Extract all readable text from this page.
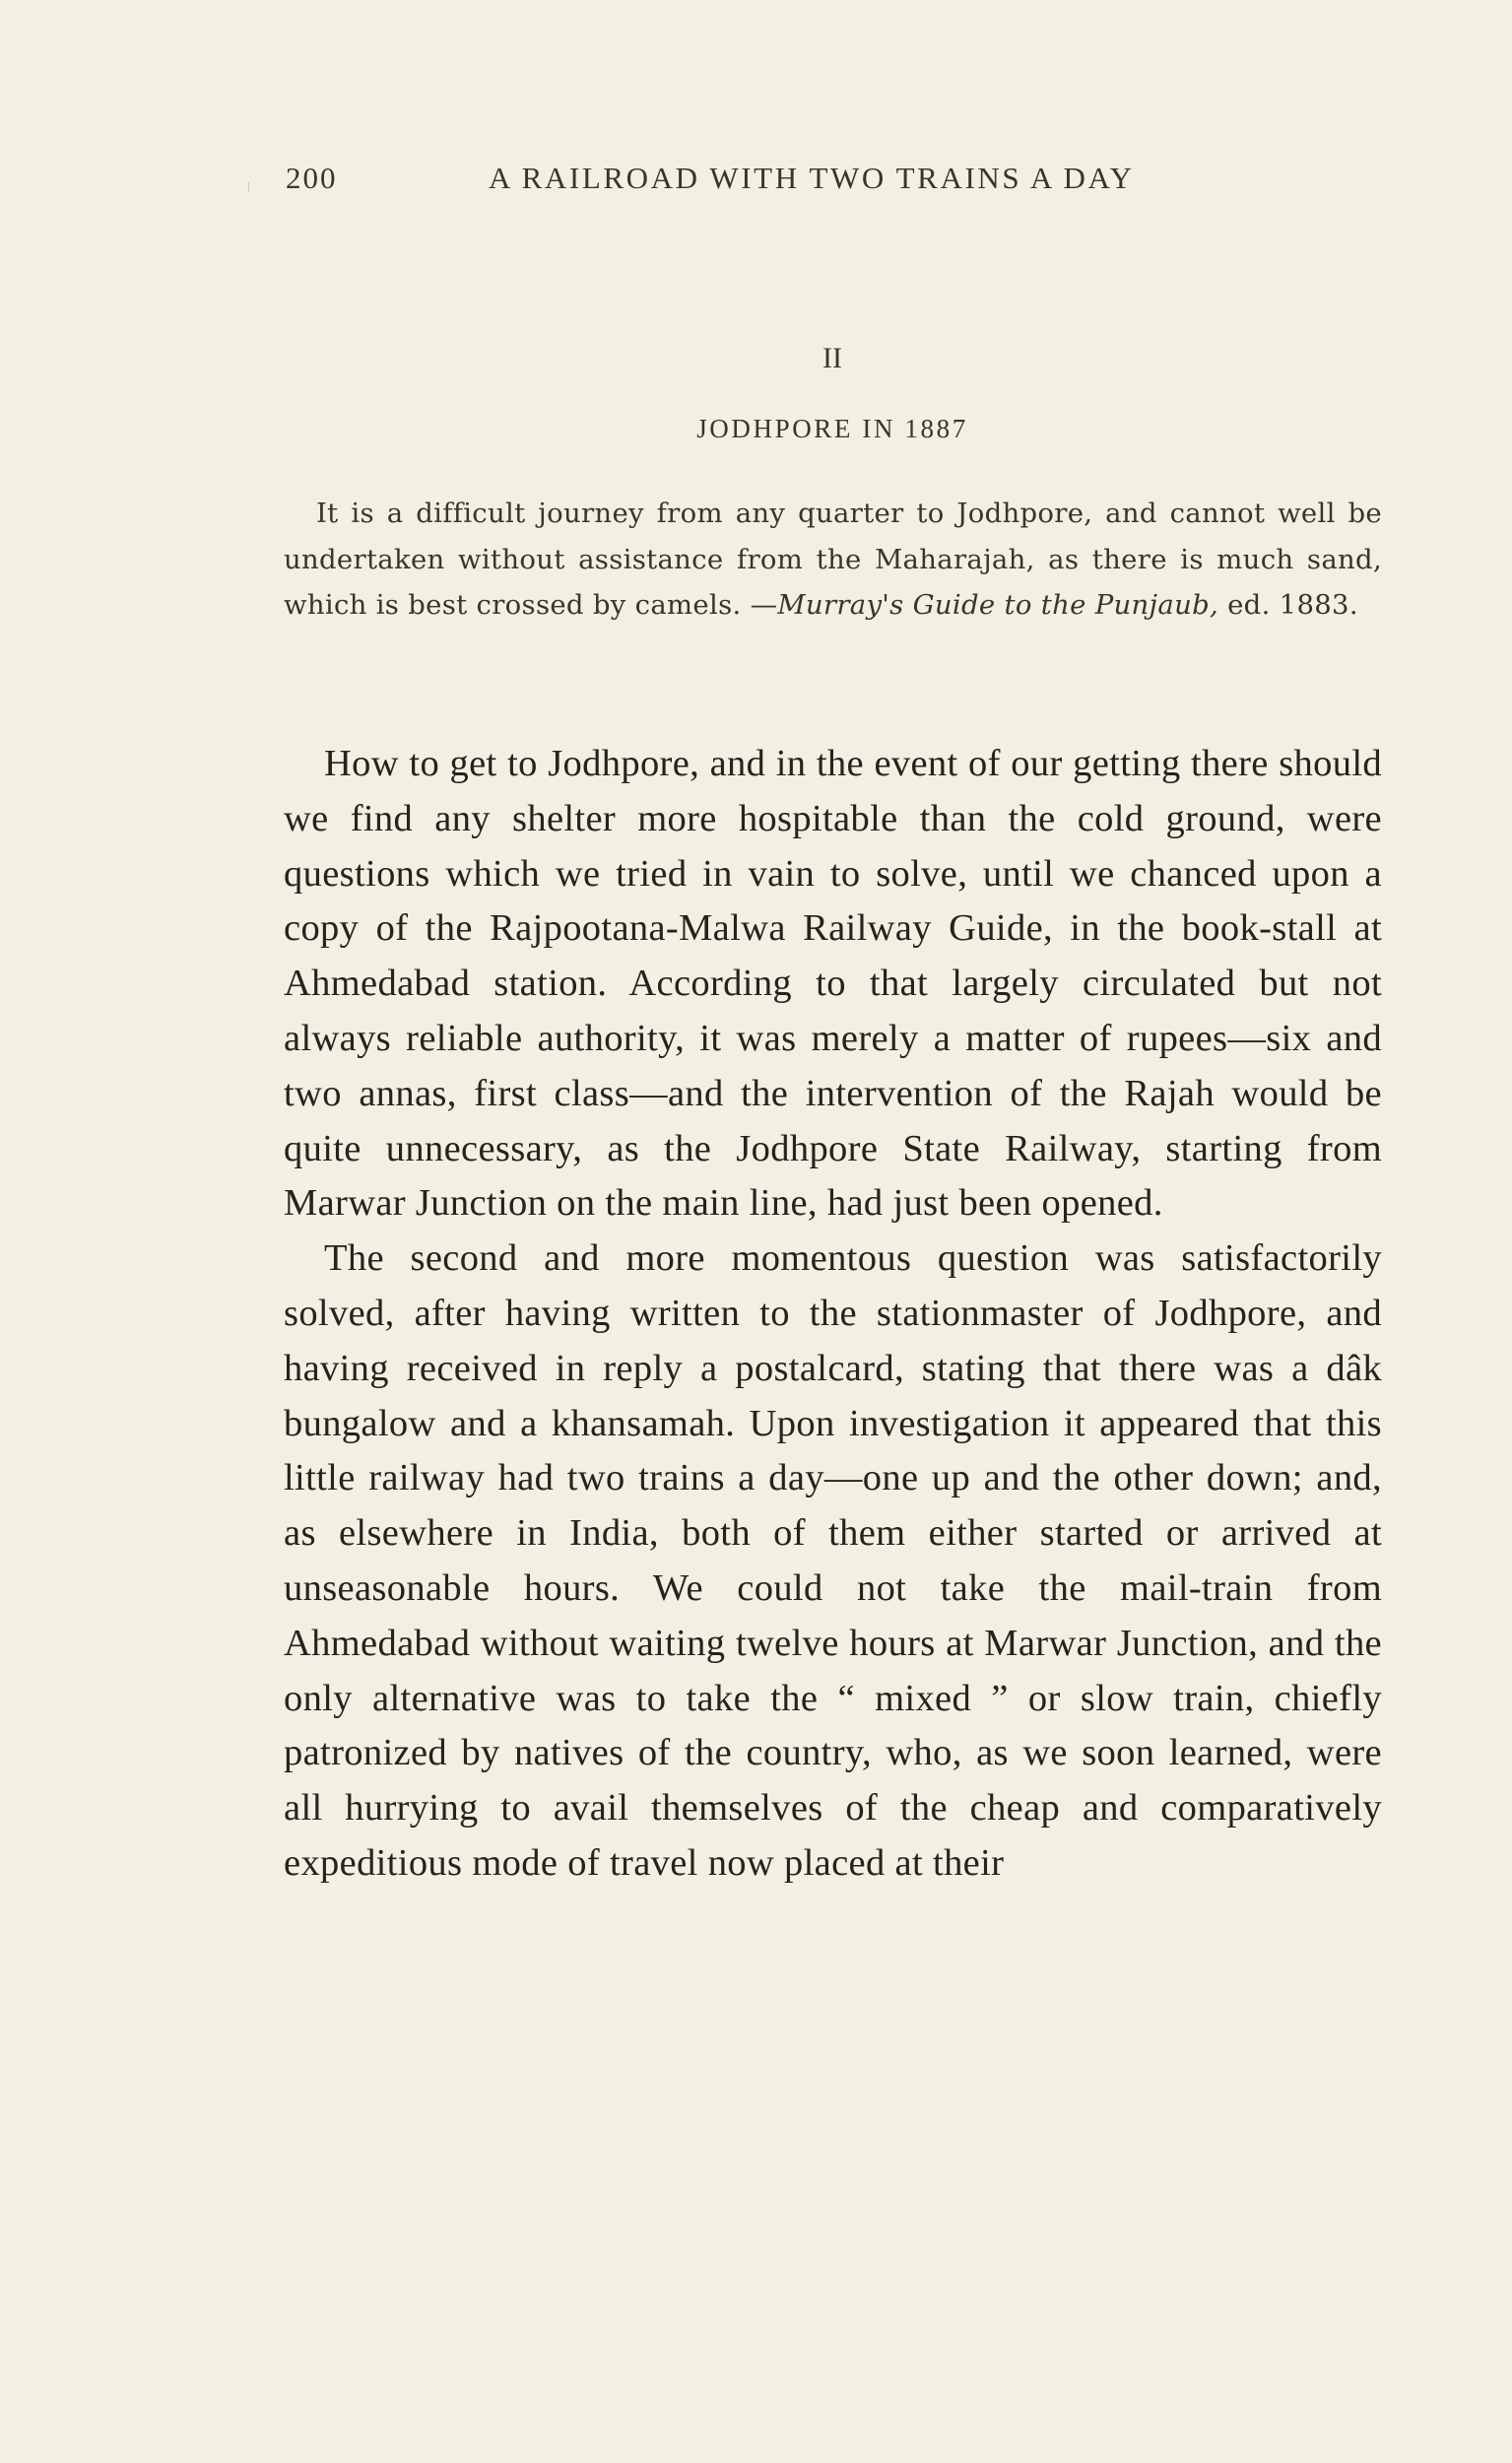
200	A RAILROAD WITH TWO TRAINS A DAY
II
JODHPORE IN 1887
It is a difficult journey from any quarter to Jodhpore, and cannot well be undertaken without assistance from the Maharajah, as there is much sand, which is best crossed by camels. —Murray's Guide to the Punjaub, ed. 1883.

How to get to Jodhpore, and in the event of our getting there should we find any shelter more hospitable than the cold ground, were questions which we tried in vain to solve, until we chanced upon a copy of the Rajpootana-Malwa Railway Guide, in the book-stall at Ahmedabad station. According to that largely circulated but not always reliable authority, it was merely a matter of rupees—six and two annas, first class—and the intervention of the Rajah would be quite unnecessary, as the Jodhpore State Railway, starting from Marwar Junction on the main line, had just been opened.

The second and more momentous question was satisfactorily solved, after having written to the stationmaster of Jodhpore, and having received in reply a postalcard, stating that there was a dâk bungalow and a khansamah. Upon investigation it appeared that this little railway had two trains a day—one up and the other down; and, as elsewhere in India, both of them either started or arrived at unseasonable hours. We could not take the mail-train from Ahmedabad without waiting twelve hours at Marwar Junction, and the only alternative was to take the “ mixed ” or slow train, chiefly patronized by natives of the country, who, as we soon learned, were all hurrying to avail themselves of the cheap and comparatively expeditious mode of travel now placed at their
